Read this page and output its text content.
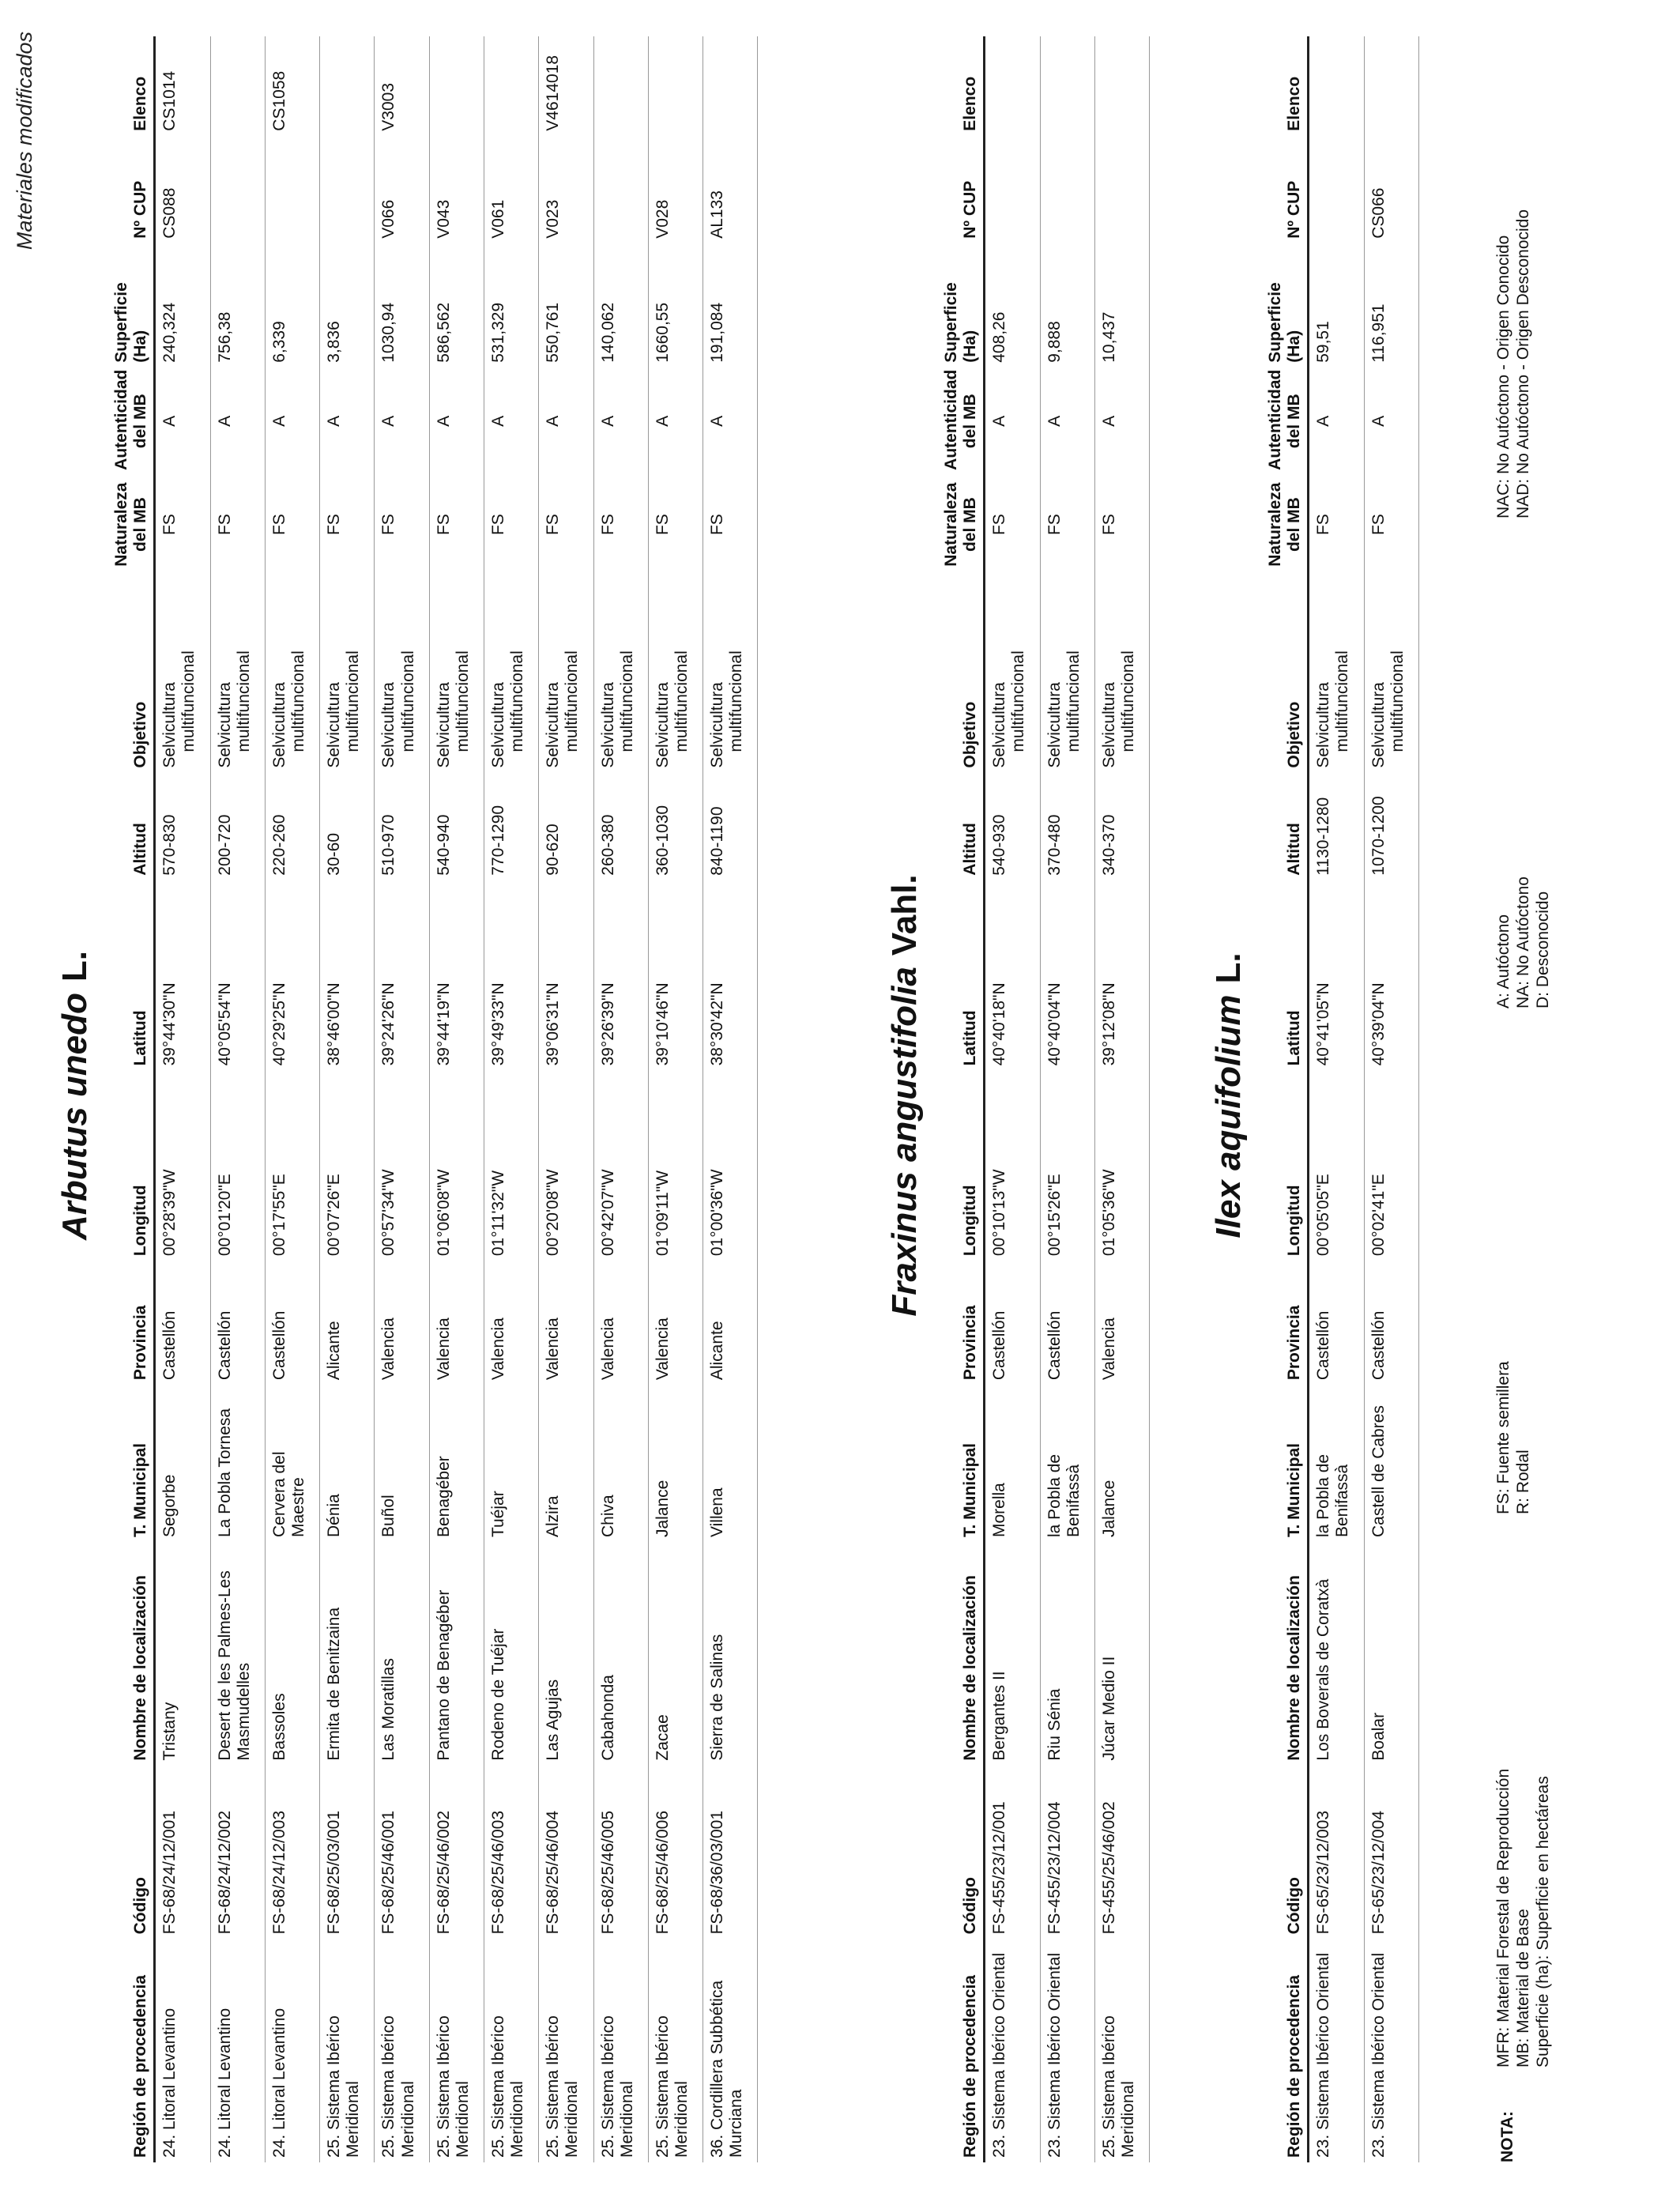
Materiales modificados
Arbutus unedoL.
Región de procedencia	Código	Nombre de localización	T. Municipal	Provincia	Longitud	Latitud	Altitud	Objetivo	Naturaleza del MB	Autenticidad del MB	Superficie (Ha)	Nº CUP	Elenco
24. Litoral Levantino	FS-68/24/12/001	Tristany	Segorbe	Castellón	00°28'39"W	39°44'30"N	570-830	Selvicultura multifuncional	FS	A	240,324	CS088	CS1014
24. Litoral Levantino	FS-68/24/12/002	Desert de les Palmes-Les Masmudelles	La Pobla Tornesa	Castellón	00°01'20"E	40°05'54"N	200-720	Selvicultura multifuncional	FS	A	756,38		
24. Litoral Levantino	FS-68/24/12/003	Bassoles	Cervera del Maestre	Castellón	00°17'55"E	40°29'25"N	220-260	Selvicultura multifuncional	FS	A	6,339		CS1058
25. Sistema Ibérico Meridional	FS-68/25/03/001	Ermita de Benitzaina	Dénia	Alicante	00°07'26"E	38°46'00"N	30-60	Selvicultura multifuncional	FS	A	3,836		
25. Sistema Ibérico Meridional	FS-68/25/46/001	Las Moratillas	Buñol	Valencia	00°57'34"W	39°24'26"N	510-970	Selvicultura multifuncional	FS	A	1030,94	V066	V3003
25. Sistema Ibérico Meridional	FS-68/25/46/002	Pantano de Benagéber	Benagéber	Valencia	01°06'08"W	39°44'19"N	540-940	Selvicultura multifuncional	FS	A	586,562	V043	
25. Sistema Ibérico Meridional	FS-68/25/46/003	Rodeno de Tuéjar	Tuéjar	Valencia	01°11'32"W	39°49'33"N	770-1290	Selvicultura multifuncional	FS	A	531,329	V061	
25. Sistema Ibérico Meridional	FS-68/25/46/004	Las Agujas	Alzira	Valencia	00°20'08"W	39°06'31"N	90-620	Selvicultura multifuncional	FS	A	550,761	V023	V4614018
25. Sistema Ibérico Meridional	FS-68/25/46/005	Cabahonda	Chiva	Valencia	00°42'07"W	39°26'39"N	260-380	Selvicultura multifuncional	FS	A	140,062		
25. Sistema Ibérico Meridional	FS-68/25/46/006	Zacae	Jalance	Valencia	01°09'11"W	39°10'46"N	360-1030	Selvicultura multifuncional	FS	A	1660,55	V028	
36. Cordillera Subbética Murciana	FS-68/36/03/001	Sierra de Salinas	Villena	Alicante	01°00'36"W	38°30'42"N	840-1190	Selvicultura multifuncional	FS	A	191,084	AL133	
Fraxinus angustifoliaVahl.
Región de procedencia	Código	Nombre de localización	T. Municipal	Provincia	Longitud	Latitud	Altitud	Objetivo	Naturaleza del MB	Autenticidad del MB	Superficie (Ha)	Nº CUP	Elenco
23. Sistema Ibérico Oriental	FS-455/23/12/001	Bergantes II	Morella	Castellón	00°10'13"W	40°40'18"N	540-930	Selvicultura multifuncional	FS	A	408,26		
23. Sistema Ibérico Oriental	FS-455/23/12/004	Riu Sénia	la Pobla de Benifassà	Castellón	00°15'26"E	40°40'04"N	370-480	Selvicultura multifuncional	FS	A	9,888		
25. Sistema Ibérico Meridional	FS-455/25/46/002	Júcar Medio II	Jalance	Valencia	01°05'36"W	39°12'08"N	340-370	Selvicultura multifuncional	FS	A	10,437		
Ilex aquifoliumL.
Región de procedencia	Código	Nombre de localización	T. Municipal	Provincia	Longitud	Latitud	Altitud	Objetivo	Naturaleza del MB	Autenticidad del MB	Superficie (Ha)	Nº CUP	Elenco
23. Sistema Ibérico Oriental	FS-65/23/12/003	Los Boverals de Coratxà	la Pobla de Benifassà	Castellón	00°05'05"E	40°41'05"N	1130-1280	Selvicultura multifuncional	FS	A	59,51		
23. Sistema Ibérico Oriental	FS-65/23/12/004	Boalar	Castell de Cabres	Castellón	00°02'41"E	40°39'04"N	1070-1200	Selvicultura multifuncional	FS	A	116,951	CS066	
NOTA:
MFR: Material Forestal de Reproducción MB: Material de Base Superficie (ha): Superficie en hectáreas
FS: Fuente semillera R: Rodal
A: Autóctono NA: No Autóctono D: Desconocido
NAC: No Autóctono - Origen Conocido NAD: No Autóctono - Origen Desconocido
